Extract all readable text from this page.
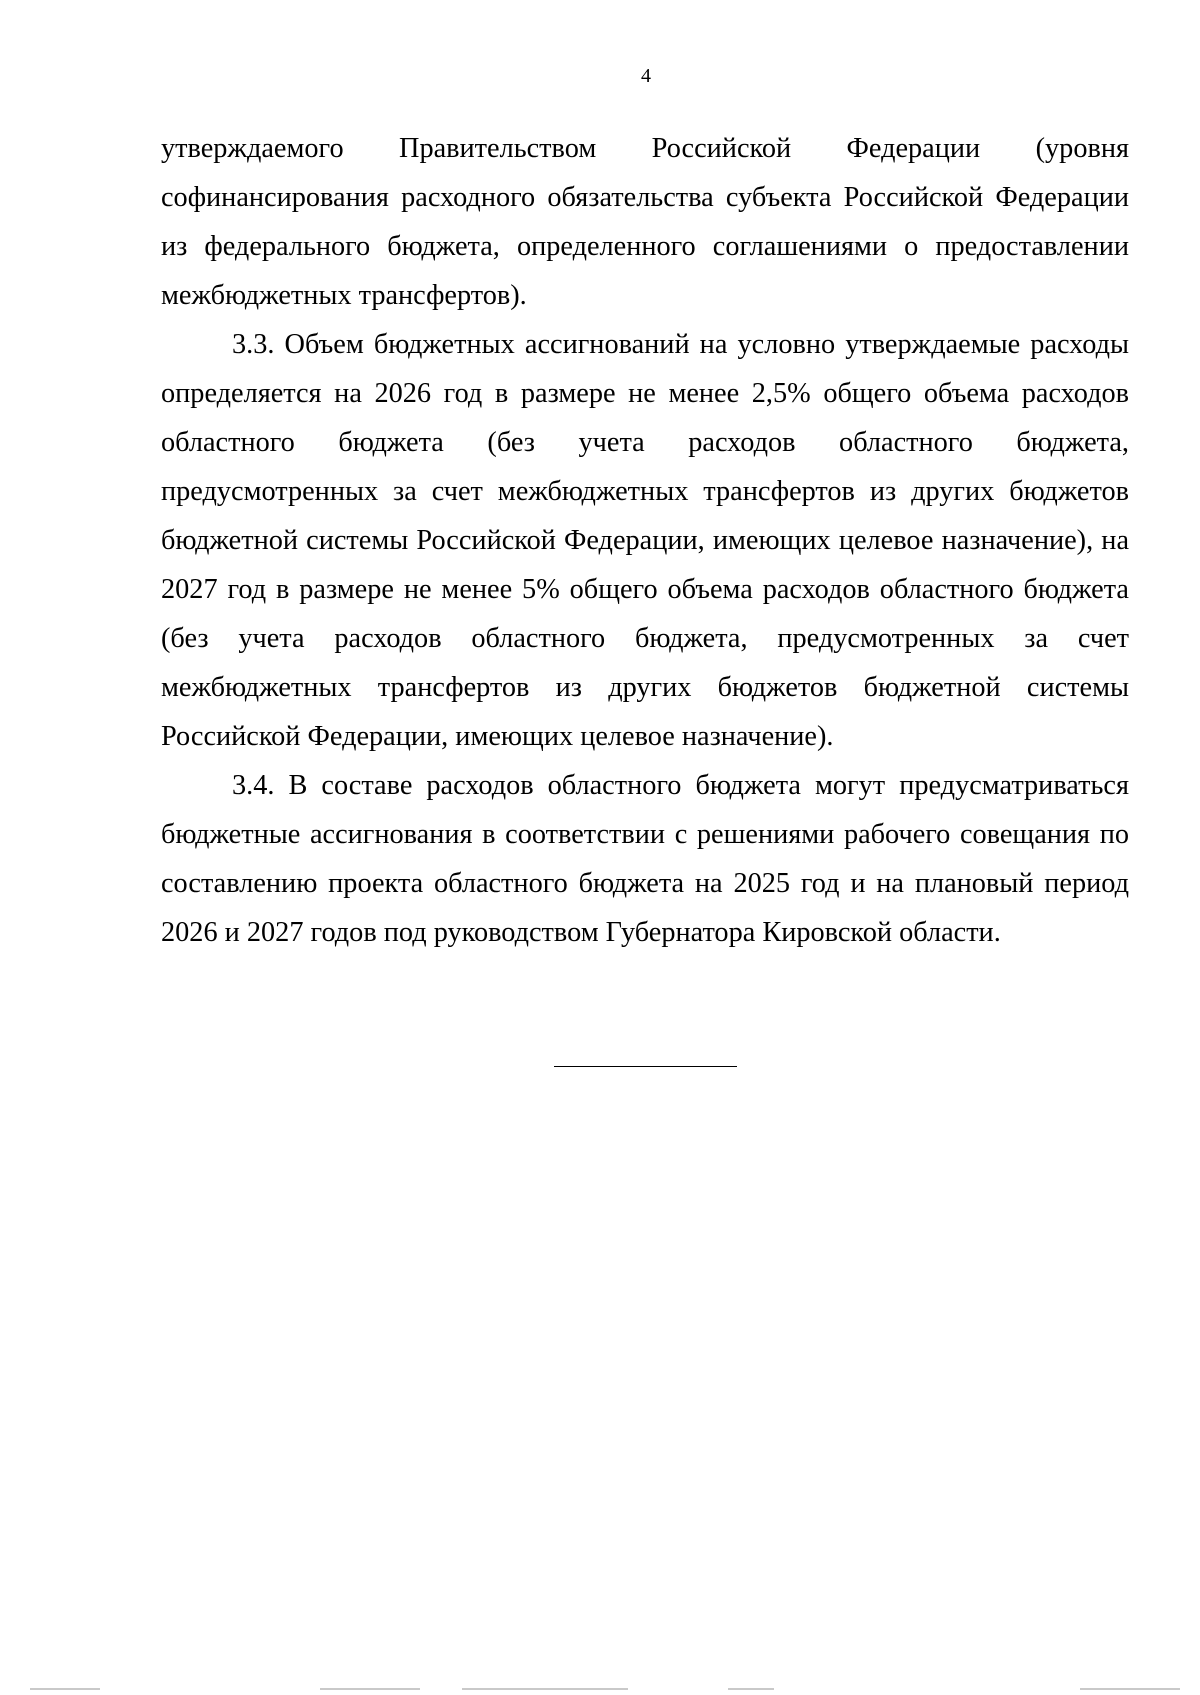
4

утверждаемого Правительством Российской Федерации (уровня
софинансирования расходного обязательства субъекта Российской Федерации
из федерального бюджета, определенного соглашениями о предоставлении
межбюджетных трансфертов).

3.3. Объем бюджетных ассигнований на условно утверждаемые расходы
определяется на 2026 год в размере не менее 2,5% общего объема расходов
областного бюджета (без учета расходов областного бюджета,
предусмотренных за счет межбюджетных трансфертов из других бюджетов
бюджетной системы Российской Федерации, имеющих целевое назначение), на
2027 год в размере не менее 5% общего объема расходов областного бюджета
(без учета расходов областного бюджета, предусмотренных за счет
межбюджетных трансфертов из других бюджетов бюджетной системы
Российской Федерации, имеющих целевое назначение).

3.4. В составе расходов областного бюджета могут предусматриваться
бюджетные ассигнования в соответствии с решениями рабочего совещания по
составлению проекта областного бюджета на 2025 год и на плановый период
2026 и 2027 годов под руководством Губернатора Кировской области.
